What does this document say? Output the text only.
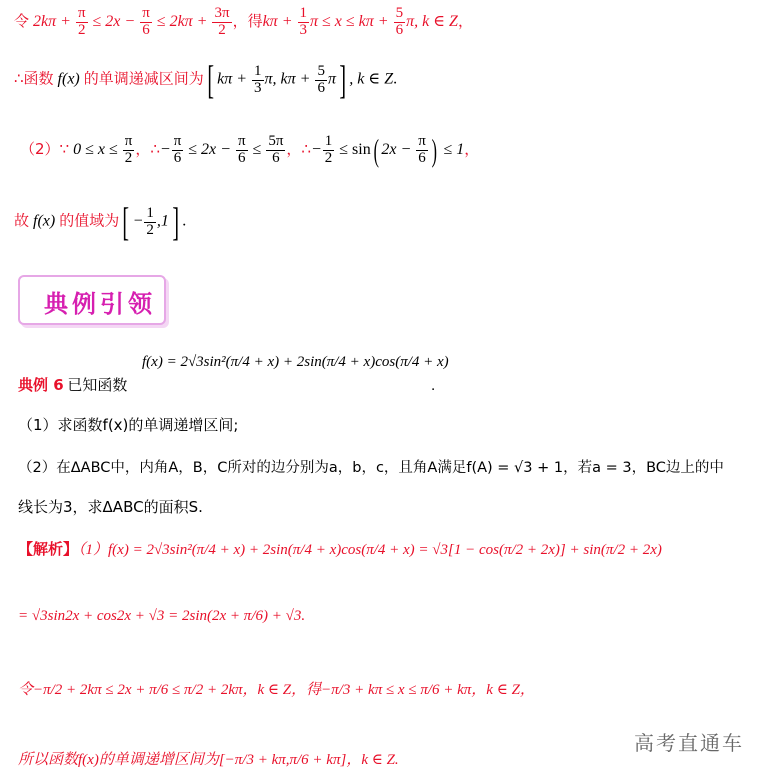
令 $2k\pi + \frac{\pi}{2} \le 2x - \frac{\pi}{6} \le 2k\pi + \frac{3\pi}{2}$ ，得$k\pi + \frac{1}{3}$ $\pi \le x \le k\pi + \frac{5}{6} \pi$, k ∈ Z，
∴函数 f(x) 的单调递减区间为[ $k\pi + \frac{1}{3} \pi$, $k\pi + \frac{5}{6} \pi$] , k ∈ Z.
（2）∵ $0 \le x \le \frac{\pi}{2}$ ，∴− $\frac{\pi}{6} \le 2x - \frac{\pi}{6} \le \frac{5\pi}{6}$ ，∴− $\frac{1}{2} \le \sin$( $2x - \frac{\pi}{6}$ ) ≤ 1，
故 f(x) 的值域为[ − $\frac{1}{2} ,1$] .
典例引领
f(x) = 2√3sin²(π/4 + x) + 2sin(π/4 + x)cos(π/4 + x)
典例 6 已知函数	.
（1）求函数f(x)的单调递增区间;
（2）在ΔABC中，内角A，B，C所对的边分别为a，b，c，且角A满足f(A) = √3 + 1，若a = 3，BC边上的中
线长为3，求ΔABC的面积S.
【解析】（1）f(x) = 2√3sin²(π/4 + x) + 2sin(π/4 + x)cos(π/4 + x) = √3[1 − cos(π/2 + 2x)] + sin(π/2 + 2x)
= √3sin2x + cos2x + √3 = 2sin(2x + π/6) + √3.
令−π/2 + 2kπ ≤ 2x + π/6 ≤ π/2 + 2kπ，k ∈ Z，得−π/3 + kπ ≤ x ≤ π/6 + kπ，k ∈ Z，
所以函数f(x)的单调递增区间为[−π/3 + kπ,π/6 + kπ]，k ∈ Z.
高考直通车
